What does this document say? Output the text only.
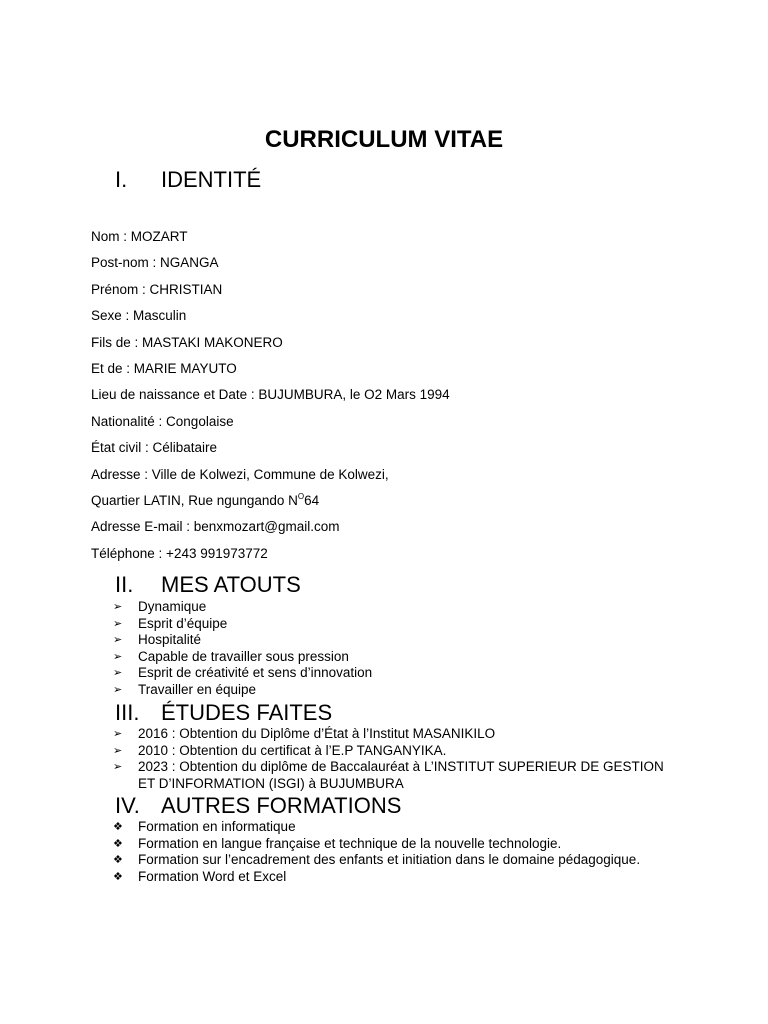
CURRICULUM VITAE
I. IDENTITÉ
Nom : MOZART
Post-nom : NGANGA
Prénom : CHRISTIAN
Sexe : Masculin
Fils de : MASTAKI MAKONERO
Et de : MARIE MAYUTO
Lieu de naissance et Date : BUJUMBURA, le O2 Mars 1994
Nationalité : Congolaise
État civil : Célibataire
Adresse : Ville de Kolwezi, Commune de Kolwezi,
Quartier LATIN, Rue ngungando $N^O64$
Adresse E-mail : benxmozart@gmail.com
Téléphone : +243 991973772
II. MES ATOUTS
➢ Dynamique
➢ Esprit d’équipe
➢ Hospitalité
➢ Capable de travailler sous pression
➢ Esprit de créativité et sens d’innovation
➢ Travailler en équipe
III. ÉTUDES FAITES
➢ 2016 : Obtention du Diplôme d’État à l’Institut MASANIKILO
➢ 2010 : Obtention du certificat à l’E.P TANGANYIKA.
➢ 2023 : Obtention du diplôme de Baccalauréat à L’INSTITUT SUPERIEUR DE GESTION ET D’INFORMATION (ISGI) à BUJUMBURA
IV. AUTRES FORMATIONS
❖ Formation en informatique
❖ Formation en langue française et technique de la nouvelle technologie.
❖ Formation sur l’encadrement des enfants et initiation dans le domaine pédagogique.
❖ Formation Word et Excel
